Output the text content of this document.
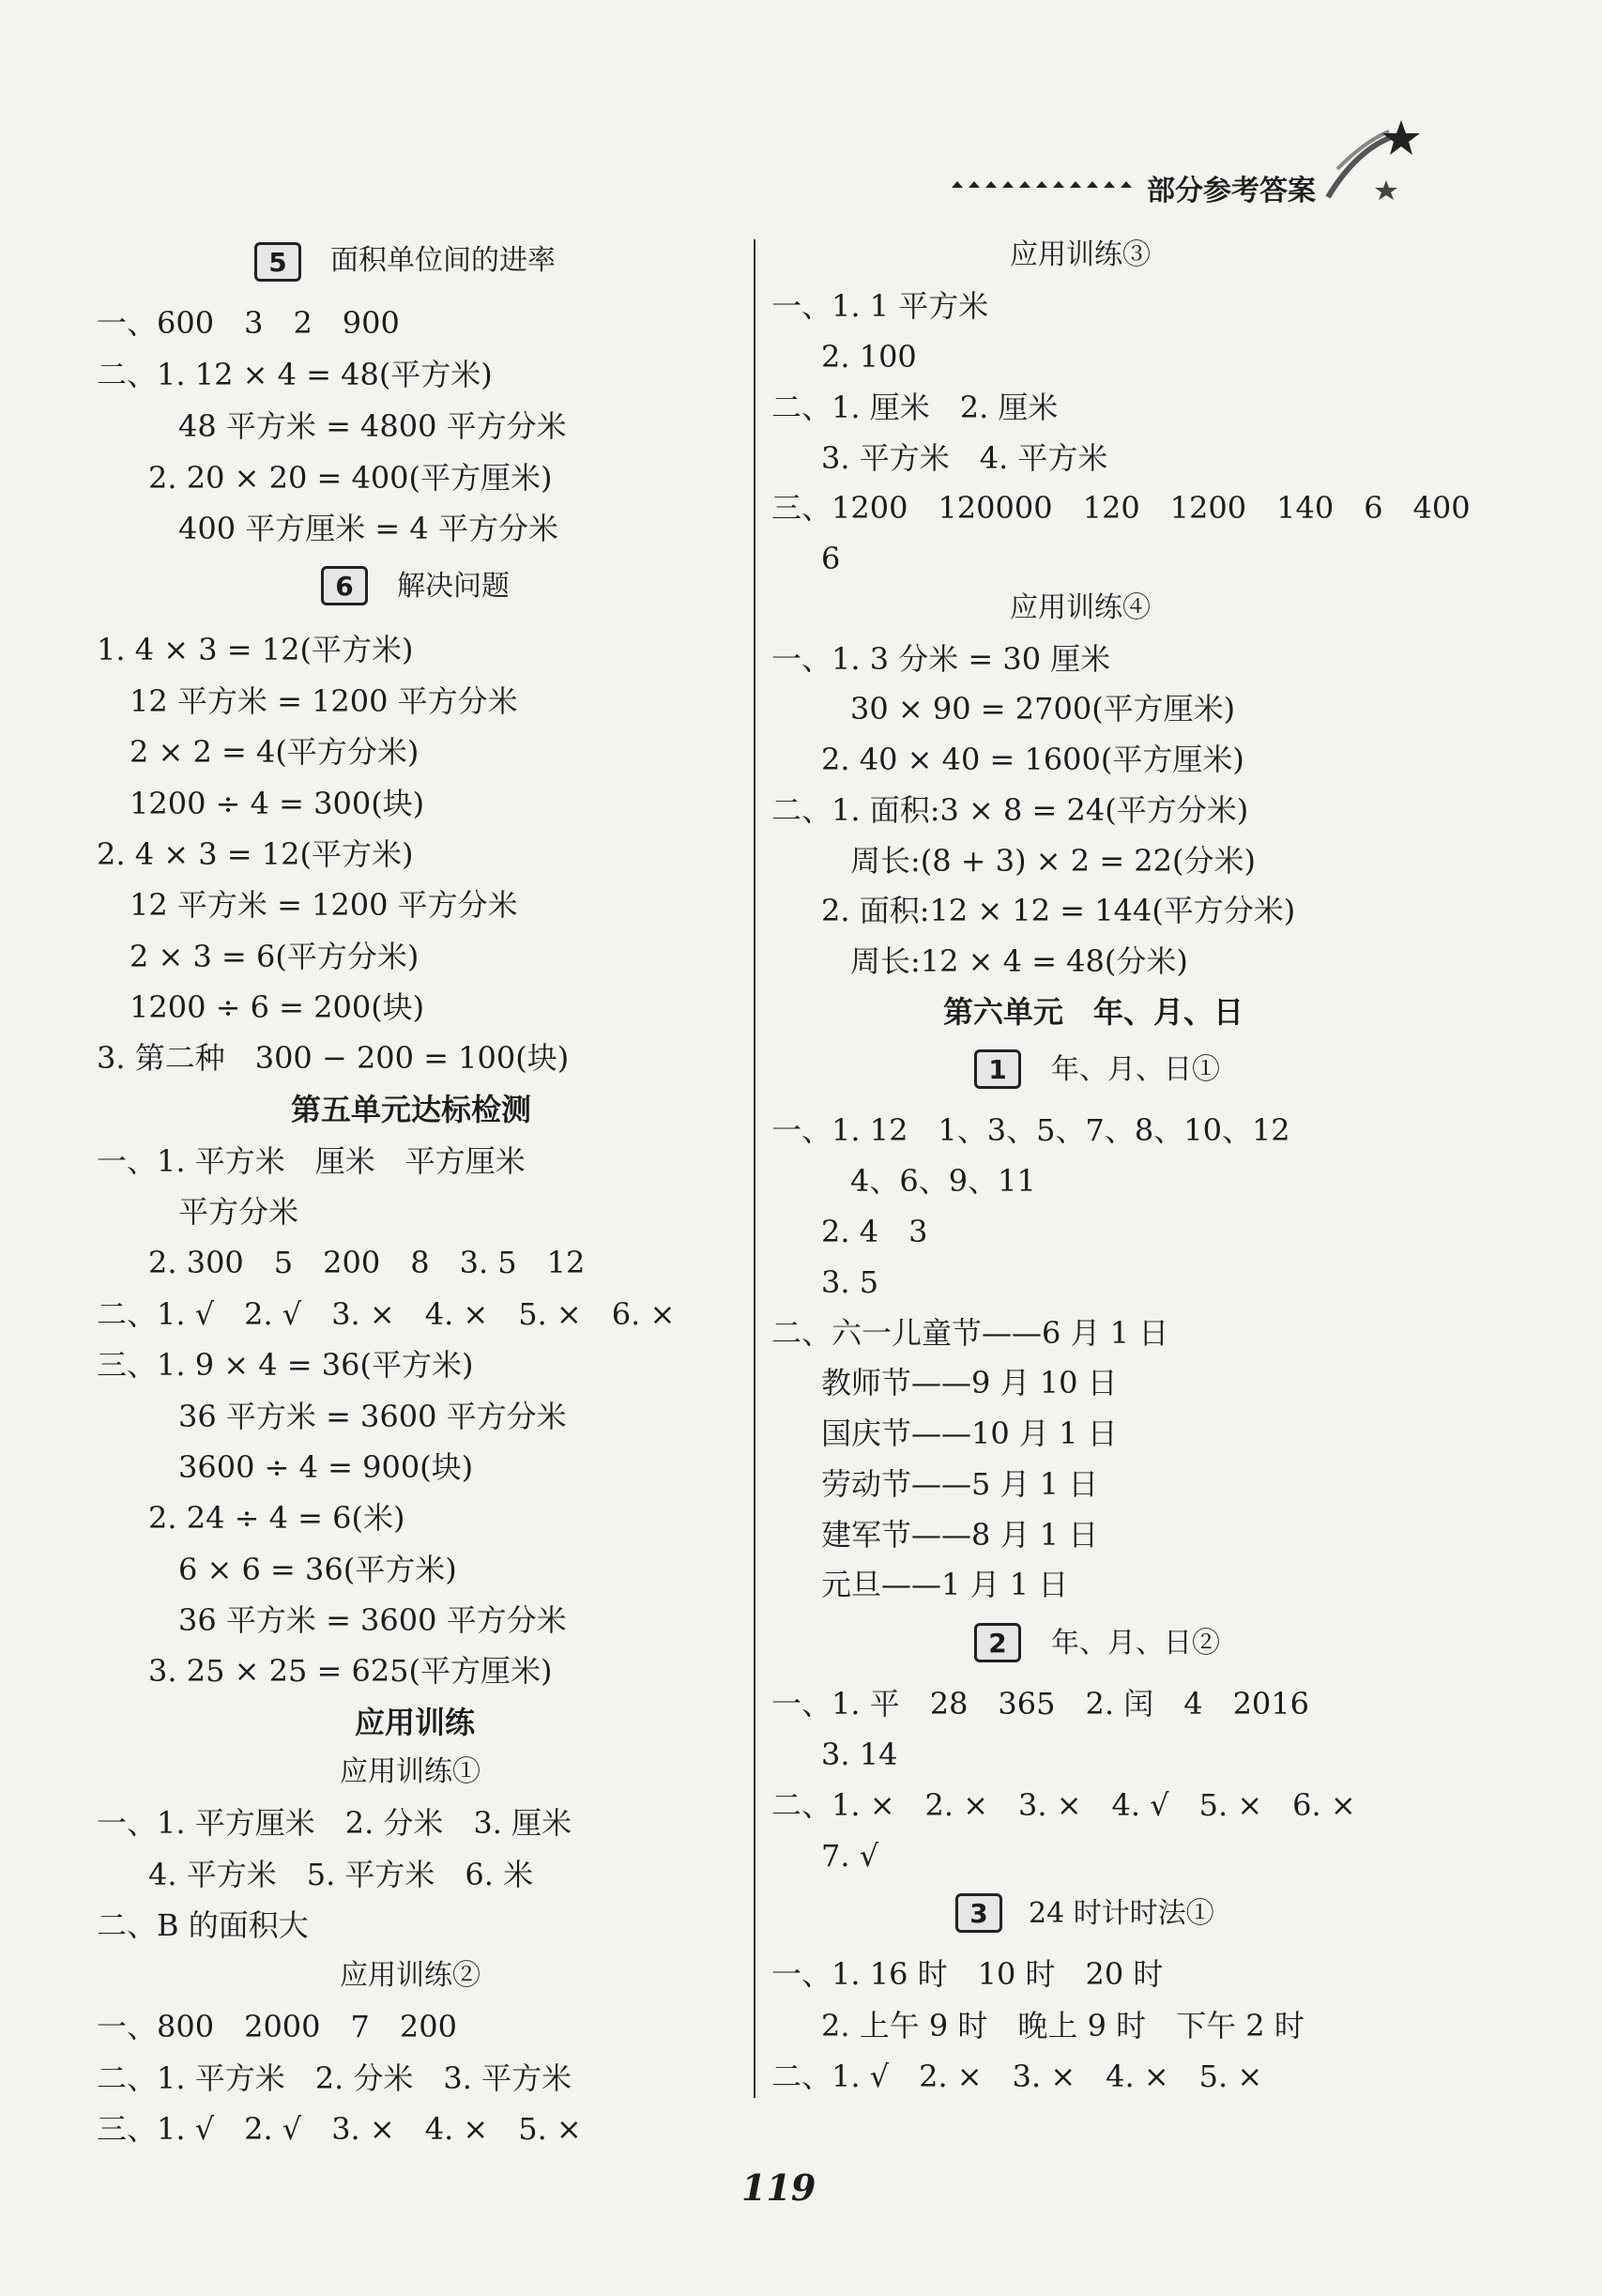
部分参考答案
5	面积单位间的进率
一、600　3　2　900
二、1. 12 × 4 = 48(平方米)
48 平方米 = 4800 平方分米
2. 20 × 20 = 400(平方厘米)
400 平方厘米 = 4 平方分米
6	解决问题
1. 4 × 3 = 12(平方米)
12 平方米 = 1200 平方分米
2 × 2 = 4(平方分米)
1200 ÷ 4 = 300(块)
2. 4 × 3 = 12(平方米)
12 平方米 = 1200 平方分米
2 × 3 = 6(平方分米)
1200 ÷ 6 = 200(块)
3. 第二种　300 − 200 = 100(块)
第五单元达标检测
一、1. 平方米　厘米　平方厘米
平方分米
2. 300　5　200　8　3. 5　12
二、1. √　2. √　3. ×　4. ×　5. ×　6. ×
三、1. 9 × 4 = 36(平方米)
36 平方米 = 3600 平方分米
3600 ÷ 4 = 900(块)
2. 24 ÷ 4 = 6(米)
6 × 6 = 36(平方米)
36 平方米 = 3600 平方分米
3. 25 × 25 = 625(平方厘米)
应用训练
应用训练①
一、1. 平方厘米　2. 分米　3. 厘米
4. 平方米　5. 平方米　6. 米
二、B 的面积大
应用训练②
一、800　2000　7　200
二、1. 平方米　2. 分米　3. 平方米
三、1. √　2. √　3. ×　4. ×　5. ×
应用训练③
一、1. 1 平方米
2. 100
二、1. 厘米　2. 厘米
3. 平方米　4. 平方米
三、1200　120000　120　1200　140　6　400
6
应用训练④
一、1. 3 分米 = 30 厘米
30 × 90 = 2700(平方厘米)
2. 40 × 40 = 1600(平方厘米)
二、1. 面积:3 × 8 = 24(平方分米)
周长:(8 + 3) × 2 = 22(分米)
2. 面积:12 × 12 = 144(平方分米)
周长:12 × 4 = 48(分米)
第六单元　年、月、日
1	年、月、日①
一、1. 12　1、3、5、7、8、10、12
4、6、9、11
2. 4　3
3. 5
二、六一儿童节——6 月 1 日
教师节——9 月 10 日
国庆节——10 月 1 日
劳动节——5 月 1 日
建军节——8 月 1 日
元旦——1 月 1 日
2	年、月、日②
一、1. 平　28　365　2. 闰　4　2016
3. 14
二、1. ×　2. ×　3. ×　4. √　5. ×　6. ×
7. √
3	24 时计时法①
一、1. 16 时　10 时　20 时
2. 上午 9 时　晚上 9 时　下午 2 时
二、1. √　2. ×　3. ×　4. ×　5. ×
119
